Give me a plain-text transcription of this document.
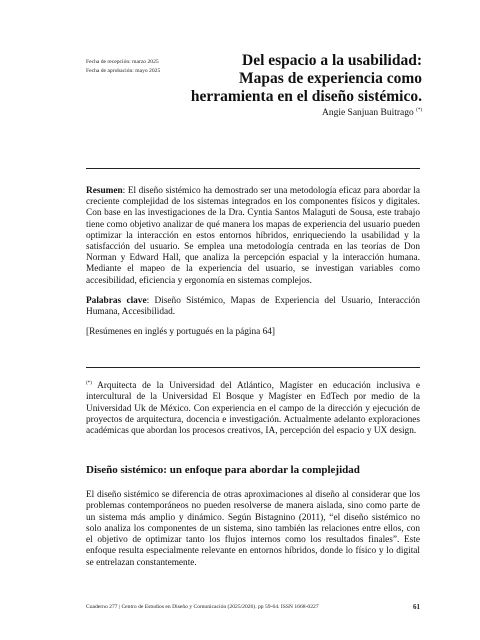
Fecha de recepción: marzo 2025
Fecha de aprobación: mayo 2025
Del espacio a la usabilidad:
Mapas de experiencia como
herramienta en el diseño sistémico.
Angie Sanjuan Buitrago (*)

Resumen: El diseño sistémico ha demostrado ser una metodología eficaz para abordar la creciente complejidad de los sistemas integrados en los componentes físicos y digitales. Con base en las investigaciones de la Dra. Cyntia Santos Malaguti de Sousa, este trabajo tiene como objetivo analizar de qué manera los mapas de experiencia del usuario pueden optimizar la interacción en estos entornos híbridos, enriqueciendo la usabilidad y la satisfacción del usuario. Se emplea una metodología centrada en las teorías de Don Norman y Edward Hall, que analiza la percepción espacial y la interacción humana. Mediante el mapeo de la experiencia del usuario, se investigan variables como accesibilidad, eficiencia y ergonomía en sistemas complejos.

Palabras clave: Diseño Sistémico, Mapas de Experiencia del Usuario, Interacción Humana, Accesibilidad.

[Resúmenes en inglés y portugués en la página 64]

(*) Arquitecta de la Universidad del Atlántico, Magíster en educación inclusiva e intercultural de la Universidad El Bosque y Magíster en EdTech por medio de la Universidad Uk de México. Con experiencia en el campo de la dirección y ejecución de proyectos de arquitectura, docencia e investigación. Actualmente adelanto exploraciones académicas que abordan los procesos creativos, IA, percepción del espacio y UX design.
Diseño sistémico: un enfoque para abordar la complejidad

El diseño sistémico se diferencia de otras aproximaciones al diseño al considerar que los problemas contemporáneos no pueden resolverse de manera aislada, sino como parte de un sistema más amplio y dinámico. Según Bistagnino (2011), “el diseño sistémico no solo analiza los componentes de un sistema, sino también las relaciones entre ellos, con el objetivo de optimizar tanto los flujos internos como los resultados finales”. Este enfoque resulta especialmente relevante en entornos híbridos, donde lo físico y lo digital se entrelazan constantemente.

Cuaderno 277 | Centro de Estudios en Diseño y Comunicación (2025/2026). pp 59-64. ISSN 1668-0227	61
